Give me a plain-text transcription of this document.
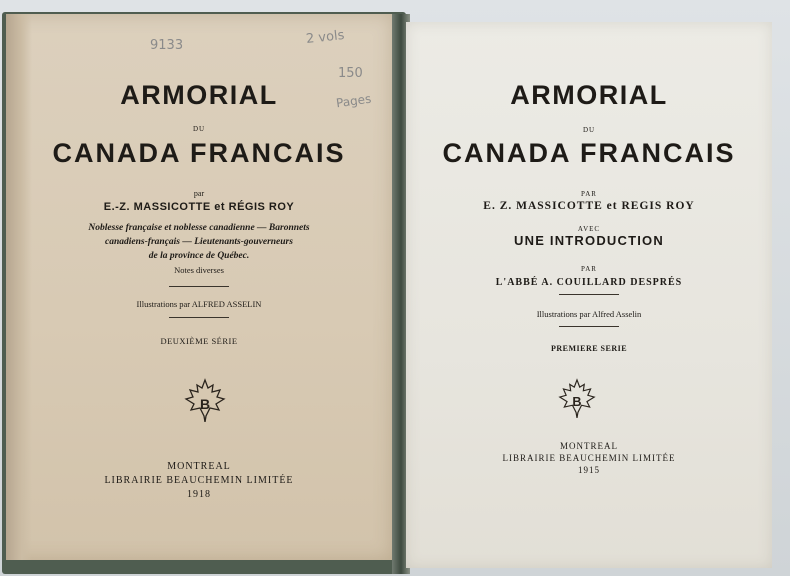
9133	2 vols
150
Pages
ARMORIAL
DU
CANADA FRANCAIS
par
E.-Z. MASSICOTTE et RÉGIS ROY
Noblesse française et noblesse canadienne — Baronnets
canadiens-français — Lieutenants-gouverneurs
de la province de Québec.
Notes diverses
Illustrations par ALFRED ASSELIN
DEUXIÈME SÉRIE
B
MONTREAL
LIBRAIRIE BEAUCHEMIN LIMITÉE
1918
ARMORIAL
DU
CANADA FRANCAIS
PAR
E. Z. MASSICOTTE et REGIS ROY
AVEC
UNE INTRODUCTION
PAR
L'ABBÉ A. COUILLARD DESPRÉS
Illustrations par Alfred Asselin
PREMIERE SERIE
B
MONTREAL
LIBRAIRIE BEAUCHEMIN LIMITÉE
1915
